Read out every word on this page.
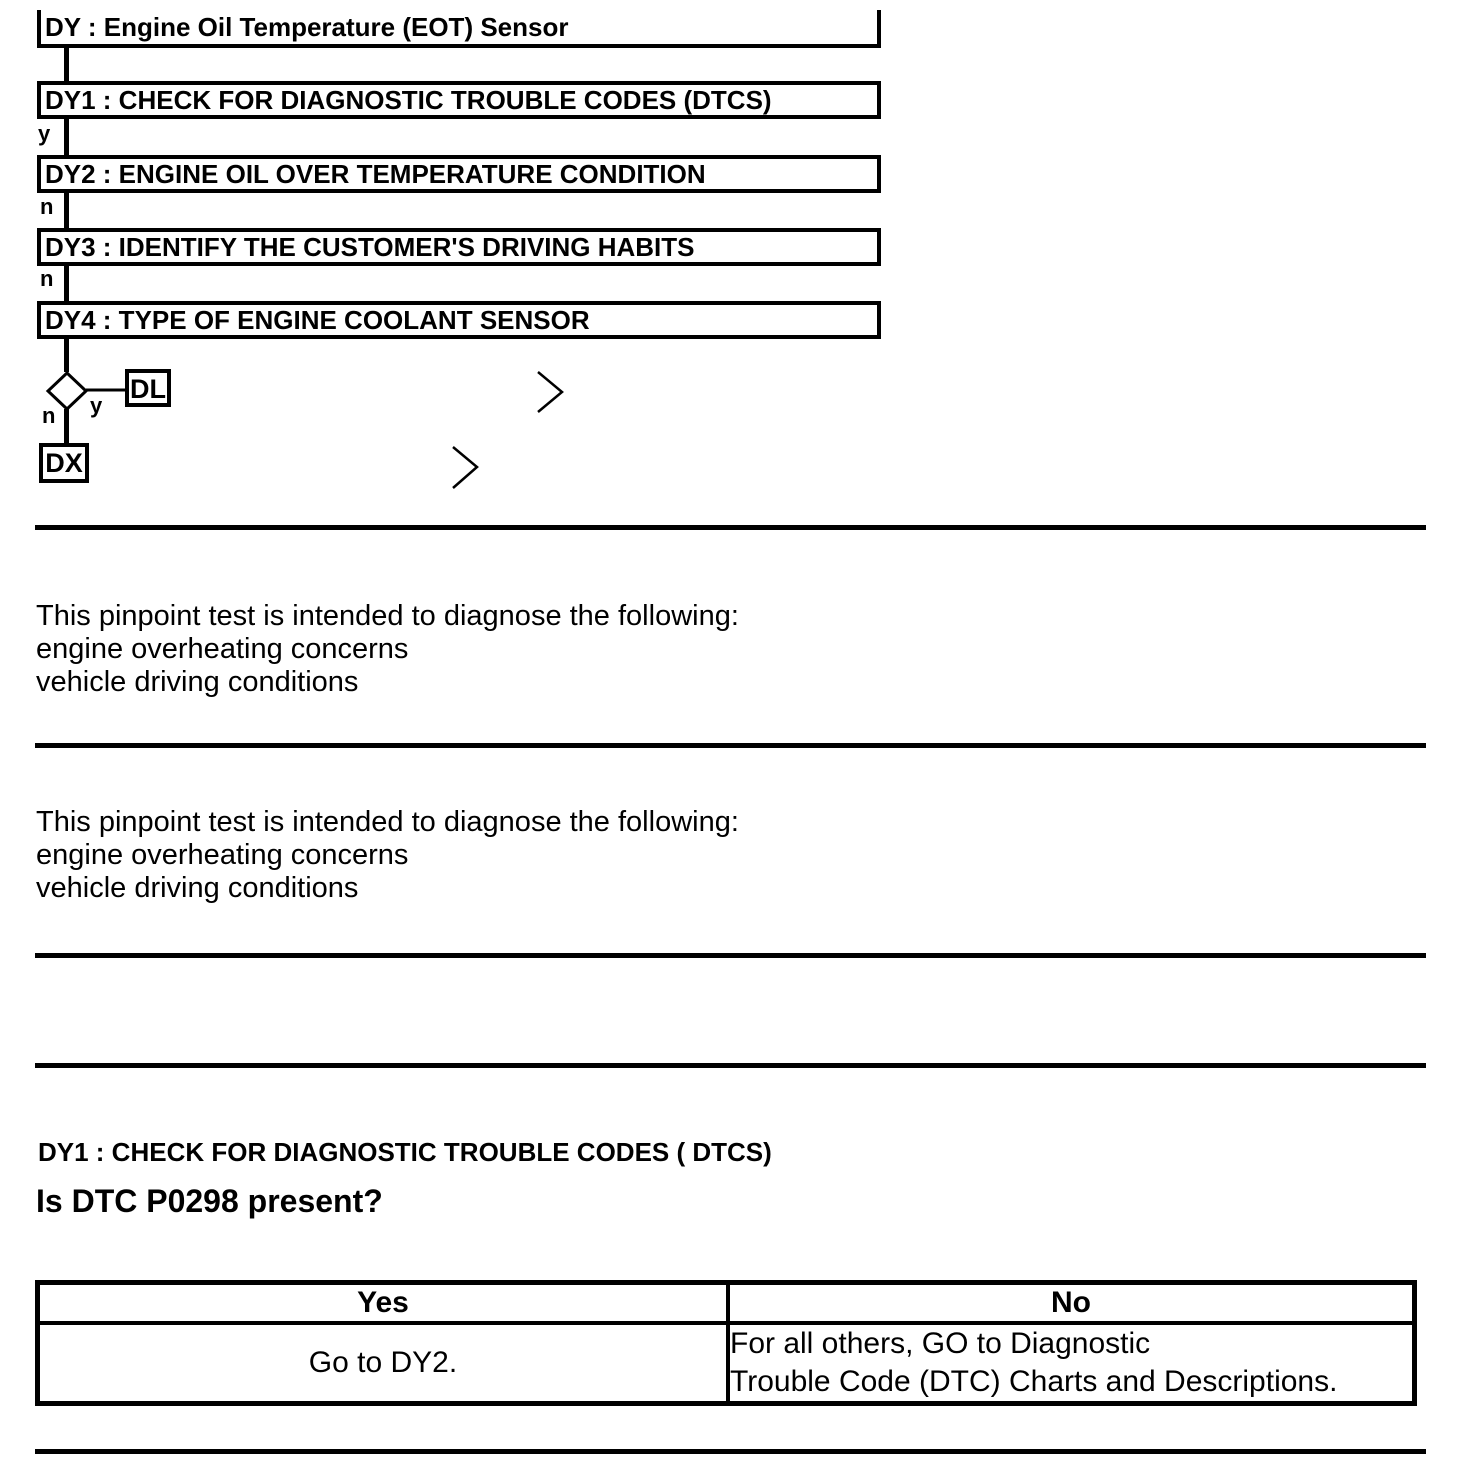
DY : Engine Oil Temperature (EOT) Sensor
DY1 : CHECK FOR DIAGNOSTIC TROUBLE CODES (DTCS)
y
DY2 : ENGINE OIL OVER TEMPERATURE CONDITION
n
DY3 : IDENTIFY THE CUSTOMER'S DRIVING HABITS
n
DY4 : TYPE OF ENGINE COOLANT SENSOR
y
n
DL
DX
This pinpoint test is intended to diagnose the following:
engine overheating concerns
vehicle driving conditions
This pinpoint test is intended to diagnose the following:
engine overheating concerns
vehicle driving conditions
DY1 : CHECK FOR DIAGNOSTIC TROUBLE CODES ( DTCS)
Is DTC P0298 present?
Yes	No
Go to DY2.	For all others, GO to Diagnostic
Trouble Code (DTC) Charts and Descriptions.
